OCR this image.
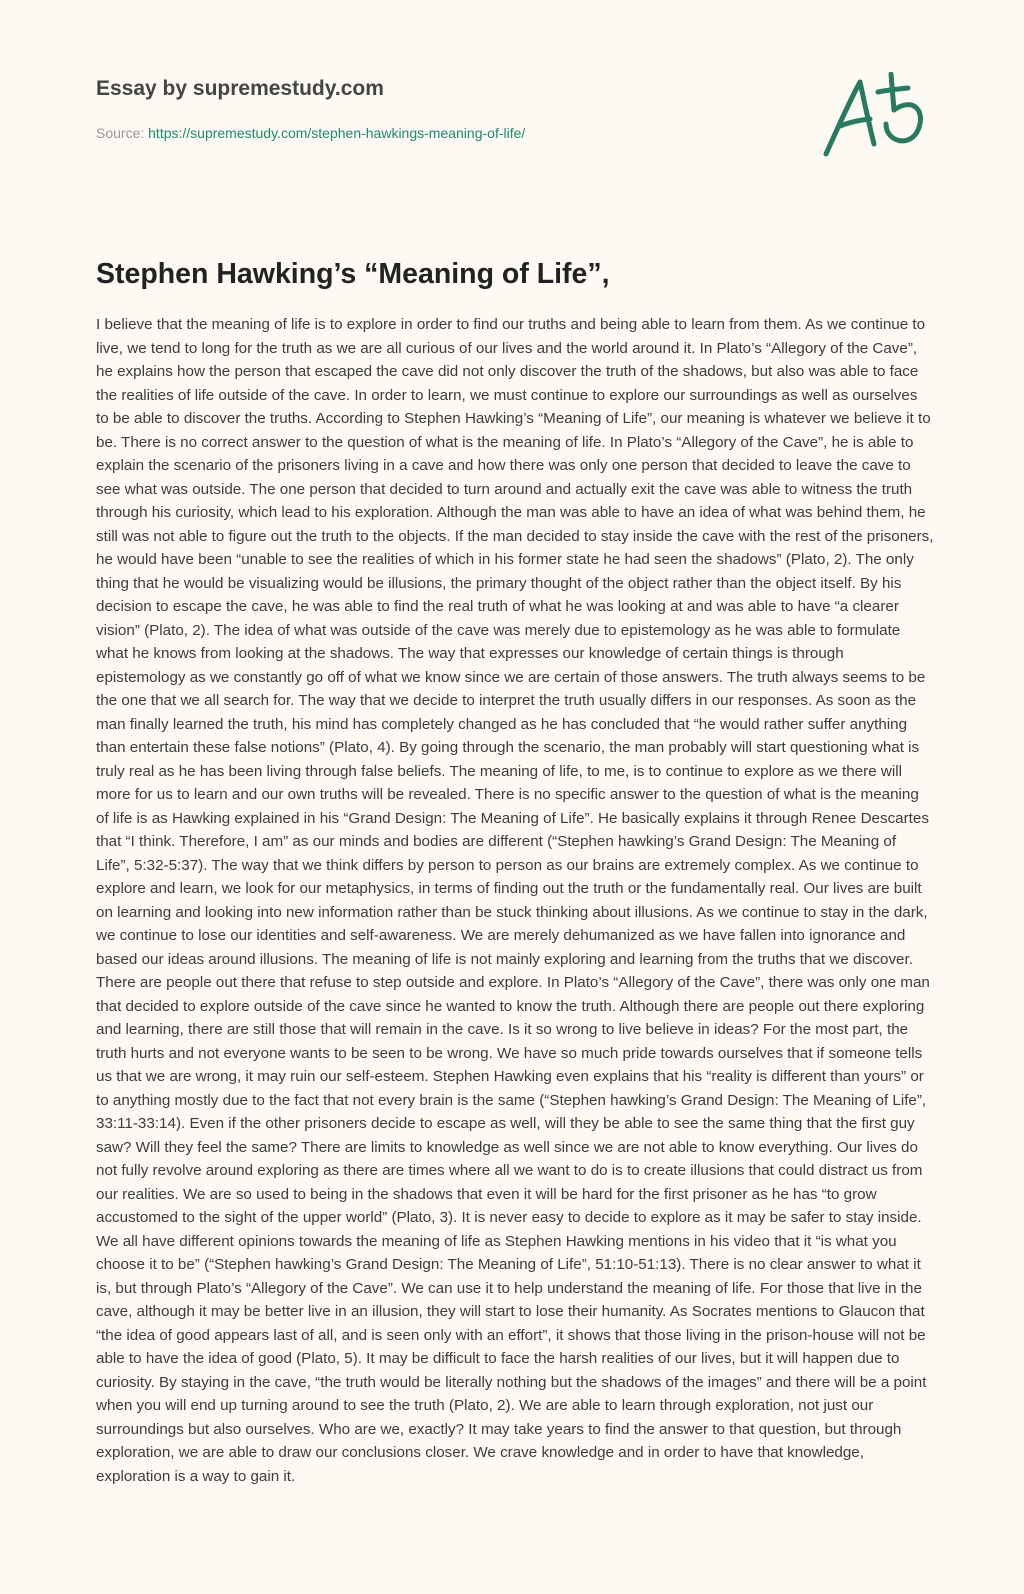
Essay by supremestudy.com
Source: https://supremestudy.com/stephen-hawkings-meaning-of-life/
Stephen Hawking’s “Meaning of Life”,

I believe that the meaning of life is to explore in order to find our truths and being able to learn from them. As we continue to live, we tend to long for the truth as we are all curious of our lives and the world around it. In Plato’s “Allegory of the Cave”, he explains how the person that escaped the cave did not only discover the truth of the shadows, but also was able to face the realities of life outside of the cave. In order to learn, we must continue to explore our surroundings as well as ourselves to be able to discover the truths. According to Stephen Hawking’s “Meaning of Life”, our meaning is whatever we believe it to be. There is no correct answer to the question of what is the meaning of life. In Plato’s “Allegory of the Cave”, he is able to explain the scenario of the prisoners living in a cave and how there was only one person that decided to leave the cave to see what was outside. The one person that decided to turn around and actually exit the cave was able to witness the truth through his curiosity, which lead to his exploration. Although the man was able to have an idea of what was behind them, he still was not able to figure out the truth to the objects. If the man decided to stay inside the cave with the rest of the prisoners, he would have been “unable to see the realities of which in his former state he had seen the shadows” (Plato, 2). The only thing that he would be visualizing would be illusions, the primary thought of the object rather than the object itself. By his decision to escape the cave, he was able to find the real truth of what he was looking at and was able to have “a clearer vision” (Plato, 2). The idea of what was outside of the cave was merely due to epistemology as he was able to formulate what he knows from looking at the shadows. The way that expresses our knowledge of certain things is through epistemology as we constantly go off of what we know since we are certain of those answers. The truth always seems to be the one that we all search for. The way that we decide to interpret the truth usually differs in our responses. As soon as the man finally learned the truth, his mind has completely changed as he has concluded that “he would rather suffer anything than entertain these false notions” (Plato, 4). By going through the scenario, the man probably will start questioning what is truly real as he has been living through false beliefs. The meaning of life, to me, is to continue to explore as we there will more for us to learn and our own truths will be revealed. There is no specific answer to the question of what is the meaning of life is as Hawking explained in his “Grand Design: The Meaning of Life”. He basically explains it through Renee Descartes that “I think. Therefore, I am” as our minds and bodies are different (“Stephen hawking’s Grand Design: The Meaning of Life”, 5:32-5:37). The way that we think differs by person to person as our brains are extremely complex. As we continue to explore and learn, we look for our metaphysics, in terms of finding out the truth or the fundamentally real. Our lives are built on learning and looking into new information rather than be stuck thinking about illusions. As we continue to stay in the dark, we continue to lose our identities and self-awareness. We are merely dehumanized as we have fallen into ignorance and based our ideas around illusions. The meaning of life is not mainly exploring and learning from the truths that we discover. There are people out there that refuse to step outside and explore. In Plato’s “Allegory of the Cave”, there was only one man that decided to explore outside of the cave since he wanted to know the truth. Although there are people out there exploring and learning, there are still those that will remain in the cave. Is it so wrong to live believe in ideas? For the most part, the truth hurts and not everyone wants to be seen to be wrong. We have so much pride towards ourselves that if someone tells us that we are wrong, it may ruin our self-esteem. Stephen Hawking even explains that his “reality is different than yours” or to anything mostly due to the fact that not every brain is the same (“Stephen hawking’s Grand Design: The Meaning of Life”, 33:11-33:14). Even if the other prisoners decide to escape as well, will they be able to see the same thing that the first guy saw? Will they feel the same? There are limits to knowledge as well since we are not able to know everything. Our lives do not fully revolve around exploring as there are times where all we want to do is to create illusions that could distract us from our realities. We are so used to being in the shadows that even it will be hard for the first prisoner as he has “to grow accustomed to the sight of the upper world” (Plato, 3). It is never easy to decide to explore as it may be safer to stay inside. We all have different opinions towards the meaning of life as Stephen Hawking mentions in his video that it “is what you choose it to be” (“Stephen hawking’s Grand Design: The Meaning of Life”, 51:10-51:13). There is no clear answer to what it is, but through Plato’s “Allegory of the Cave”. We can use it to help understand the meaning of life. For those that live in the cave, although it may be better live in an illusion, they will start to lose their humanity. As Socrates mentions to Glaucon that “the idea of good appears last of all, and is seen only with an effort”, it shows that those living in the prison-house will not be able to have the idea of good (Plato, 5). It may be difficult to face the harsh realities of our lives, but it will happen due to curiosity. By staying in the cave, “the truth would be literally nothing but the shadows of the images” and there will be a point when you will end up turning around to see the truth (Plato, 2). We are able to learn through exploration, not just our surroundings but also ourselves. Who are we, exactly? It may take years to find the answer to that question, but through exploration, we are able to draw our conclusions closer. We crave knowledge and in order to have that knowledge, exploration is a way to gain it.
